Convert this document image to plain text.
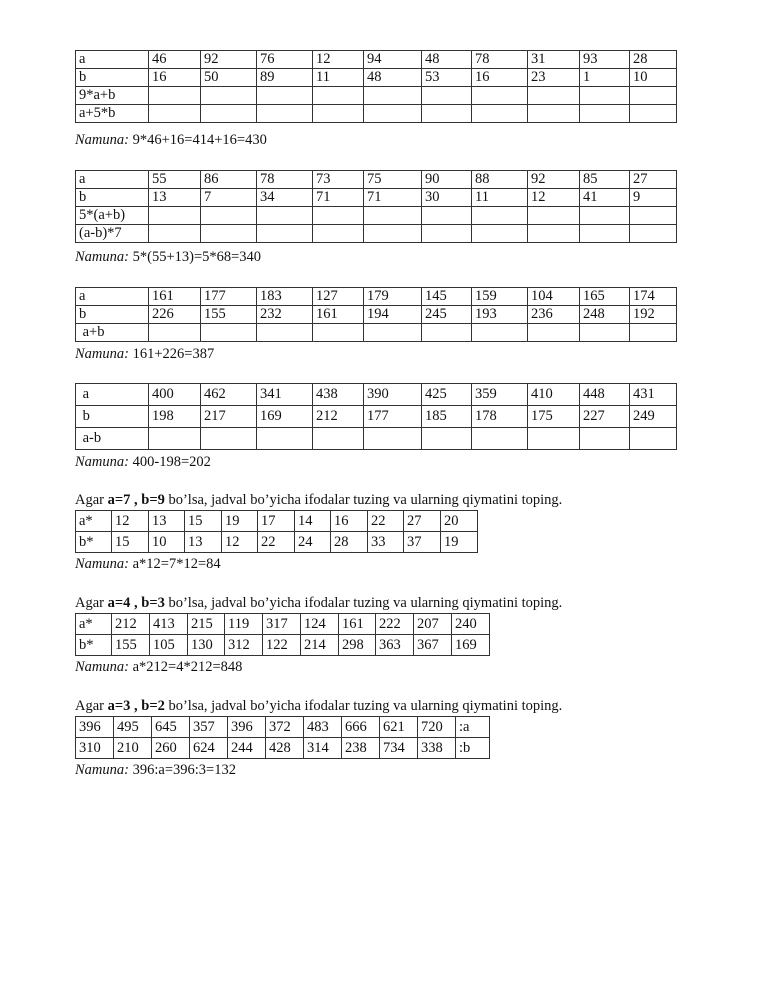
a	46	92	76	12	94	48	78	31	93	28
b	16	50	89	11	48	53	16	23	1	10
9*a+b										
a+5*b										
Namuna: 9*46+16=414+16=430
a	55	86	78	73	75	90	88	92	85	27
b	13	7	34	71	71	30	11	12	41	9
5*(a+b)										
(a-b)*7										
Namuna: 5*(55+13)=5*68=340
a	161	177	183	127	179	145	159	104	165	174
b	226	155	232	161	194	245	193	236	248	192
a+b										
Namuna: 161+226=387
a	400	462	341	438	390	425	359	410	448	431
b	198	217	169	212	177	185	178	175	227	249
a-b										
Namuna: 400-198=202
Agar a=7 , b=9 bo’lsa, jadval bo’yicha ifodalar tuzing va ularning qiymatini toping.
a*	12	13	15	19	17	14	16	22	27	20
b*	15	10	13	12	22	24	28	33	37	19
Namuna: a*12=7*12=84
Agar a=4 , b=3 bo’lsa, jadval bo’yicha ifodalar tuzing va ularning qiymatini toping.
a*	212	413	215	119	317	124	161	222	207	240
b*	155	105	130	312	122	214	298	363	367	169
Namuna: a*212=4*212=848
Agar a=3 , b=2 bo’lsa, jadval bo’yicha ifodalar tuzing va ularning qiymatini toping.
396	495	645	357	396	372	483	666	621	720	:a
310	210	260	624	244	428	314	238	734	338	:b
Namuna: 396:a=396:3=132
